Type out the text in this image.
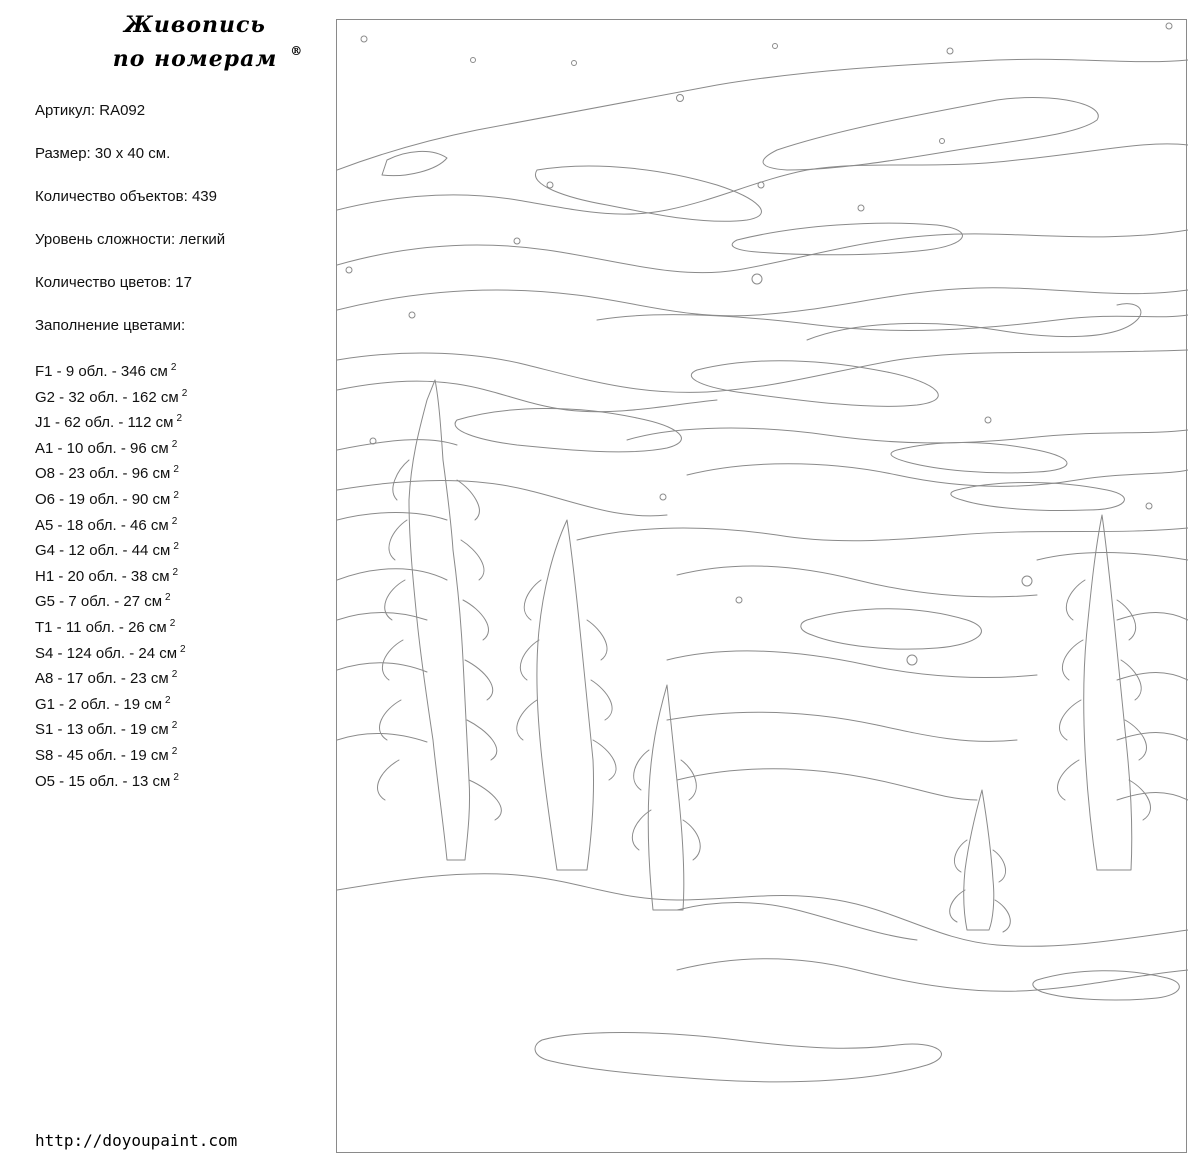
Живопись
по номерам ®
Артикул: RA092
Размер: 30 х 40 см.
Количество объектов: 439
Уровень сложности: легкий
Количество цветов: 17
Заполнение цветами:
F1 - 9 обл. - 346 см $^2$
G2 - 32 обл. - 162 см $^2$
J1 - 62 обл. - 112 см $^2$
A1 - 10 обл. - 96 см $^2$
O8 - 23 обл. - 96 см $^2$
O6 - 19 обл. - 90 см $^2$
A5 - 18 обл. - 46 см $^2$
G4 - 12 обл. - 44 см $^2$
H1 - 20 обл. - 38 см $^2$
G5 - 7 обл. - 27 см $^2$
T1 - 11 обл. - 26 см $^2$
S4 - 124 обл. - 24 см $^2$
A8 - 17 обл. - 23 см $^2$
G1 - 2 обл. - 19 см $^2$
S1 - 13 обл. - 19 см $^2$
S8 - 45 обл. - 19 см $^2$
O5 - 15 обл. - 13 см $^2$
http://doyoupaint.com
